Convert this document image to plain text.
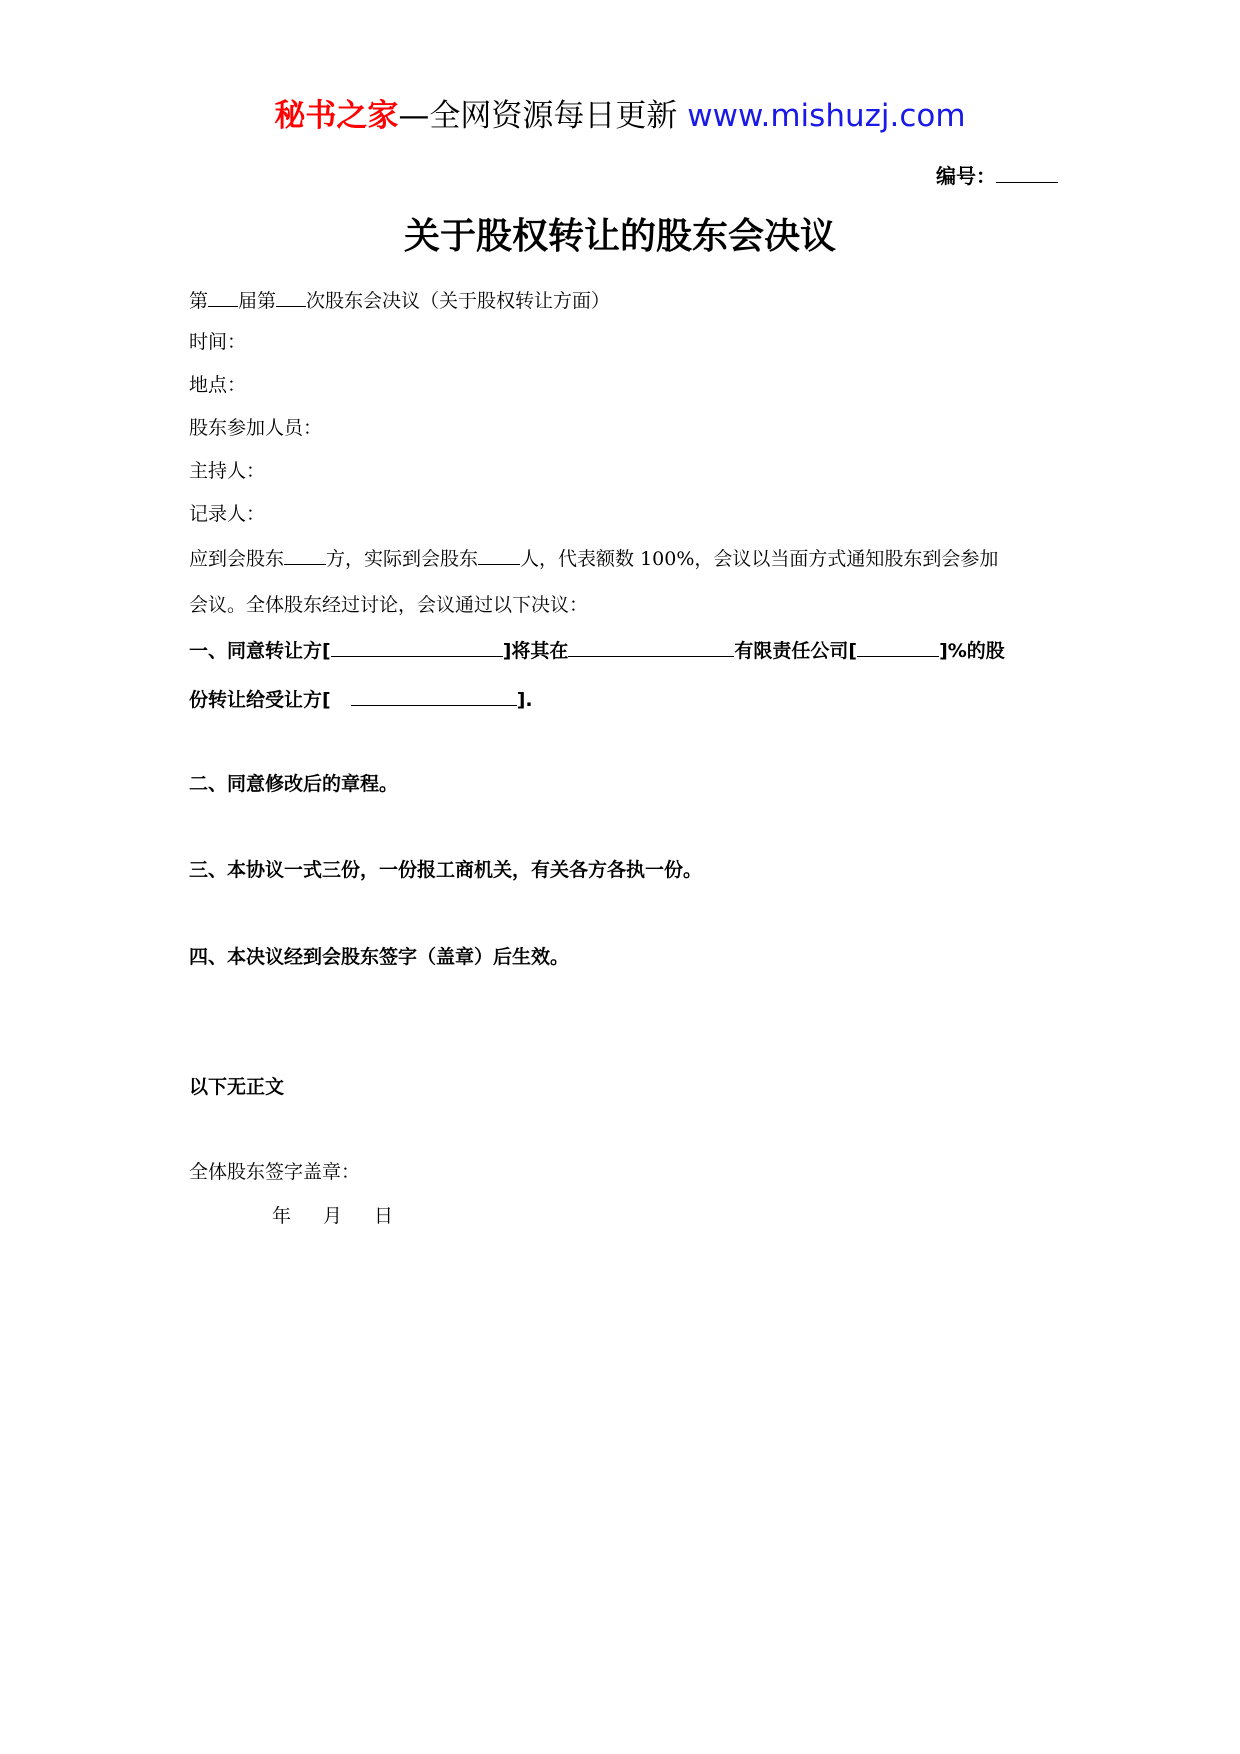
秘书之家—全网资源每日更新 www.mishuzj.com
编号：
关于股权转让的股东会决议
第 届第 次股东会决议（关于股权转让方面）
时间：
地点：
股东参加人员：
主持人：
记录人：
应到会股东 方，实际到会股东 人，代表额数 100%，会议以当面方式通知股东到会参加
会议。全体股东经过讨论，会议通过以下决议：
一、同意转让方[	]将其在	有限责任公司[	]%的股
份转让给受让方[	].
二、同意修改后的章程。
三、本协议一式三份，一份报工商机关，有关各方各执一份。
四、本决议经到会股东签字（盖章）后生效。
以下无正文
全体股东签字盖章：
年 月 日
